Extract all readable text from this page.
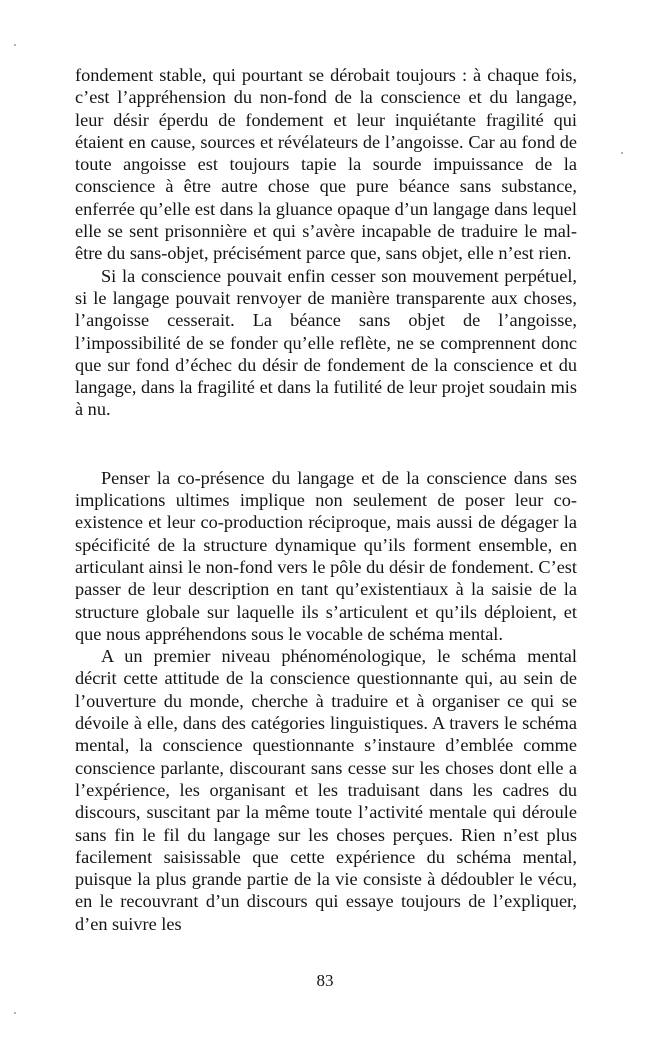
fondement stable, qui pourtant se dérobait toujours : à chaque fois, c’est l’appréhension du non-fond de la conscience et du langage, leur désir éperdu de fondement et leur inquiétante fragilité qui étaient en cause, sources et révélateurs de l’angoisse. Car au fond de toute angoisse est toujours tapie la sourde impuissance de la conscience à être autre chose que pure béance sans substance, enferrée qu’elle est dans la gluance opaque d’un langage dans lequel elle se sent prisonnière et qui s’avère incapable de traduire le mal-être du sans-objet, précisément parce que, sans objet, elle n’est rien.

Si la conscience pouvait enfin cesser son mouvement perpétuel, si le langage pouvait renvoyer de manière transparente aux choses, l’angoisse cesserait. La béance sans objet de l’angoisse, l’impossibilité de se fonder qu’elle reflète, ne se comprennent donc que sur fond d’échec du désir de fondement de la conscience et du langage, dans la fragilité et dans la futilité de leur projet soudain mis à nu.

Penser la co-présence du langage et de la conscience dans ses implications ultimes implique non seulement de poser leur co-existence et leur co-production réciproque, mais aussi de dégager la spécificité de la structure dynamique qu’ils forment ensemble, en articulant ainsi le non-fond vers le pôle du désir de fondement. C’est passer de leur description en tant qu’existentiaux à la saisie de la structure globale sur laquelle ils s’articulent et qu’ils déploient, et que nous appréhendons sous le vocable de schéma mental.

A un premier niveau phénoménologique, le schéma mental décrit cette attitude de la conscience questionnante qui, au sein de l’ouverture du monde, cherche à traduire et à organiser ce qui se dévoile à elle, dans des catégories linguistiques. A travers le schéma mental, la conscience questionnante s’instaure d’emblée comme conscience parlante, discourant sans cesse sur les choses dont elle a l’expérience, les organisant et les traduisant dans les cadres du discours, suscitant par la même toute l’activité mentale qui déroule sans fin le fil du langage sur les choses perçues. Rien n’est plus facilement saisissable que cette expérience du schéma mental, puisque la plus grande partie de la vie consiste à dédoubler le vécu, en le recouvrant d’un discours qui essaye toujours de l’expliquer, d’en suivre les

83
